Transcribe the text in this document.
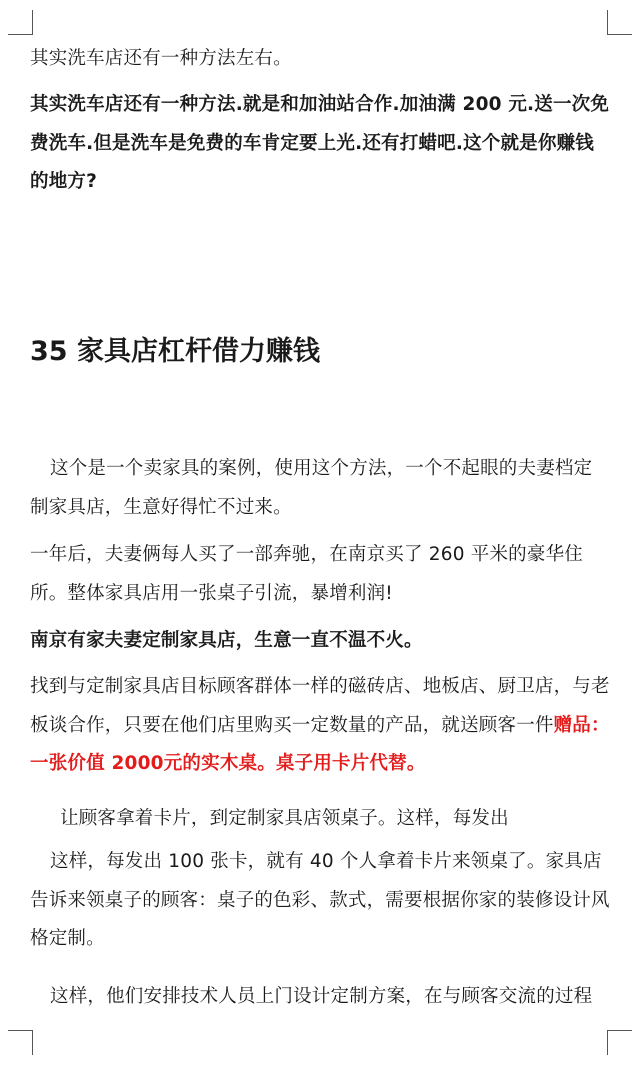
其实洗车店还有一种方法左右。

其实洗车店还有一种方法.就是和加油站合作.加油满 200 元.送一次免费洗车.但是洗车是免费的车肯定要上光.还有打蜡吧.这个就是你赚钱的地方?

35 家具店杠杆借力赚钱

这个是一个卖家具的案例，使用这个方法，一个不起眼的夫妻档定制家具店，生意好得忙不过来。

一年后，夫妻俩每人买了一部奔驰，在南京买了 260 平米的豪华住所。整体家具店用一张桌子引流，暴增利润!

南京有家夫妻定制家具店，生意一直不温不火。

找到与定制家具店目标顾客群体一样的磁砖店、地板店、厨卫店，与老板谈合作，只要在他们店里购买一定数量的产品，就送顾客一件赠品：一张价值 2000元的实木桌。桌子用卡片代替。

让顾客拿着卡片，到定制家具店领桌子。这样，每发出

这样，每发出 100 张卡，就有 40 个人拿着卡片来领桌了。家具店告诉来领桌子的顾客：桌子的色彩、款式，需要根据你家的装修设计风格定制。

这样，他们安排技术人员上门设计定制方案，在与顾客交流的过程
